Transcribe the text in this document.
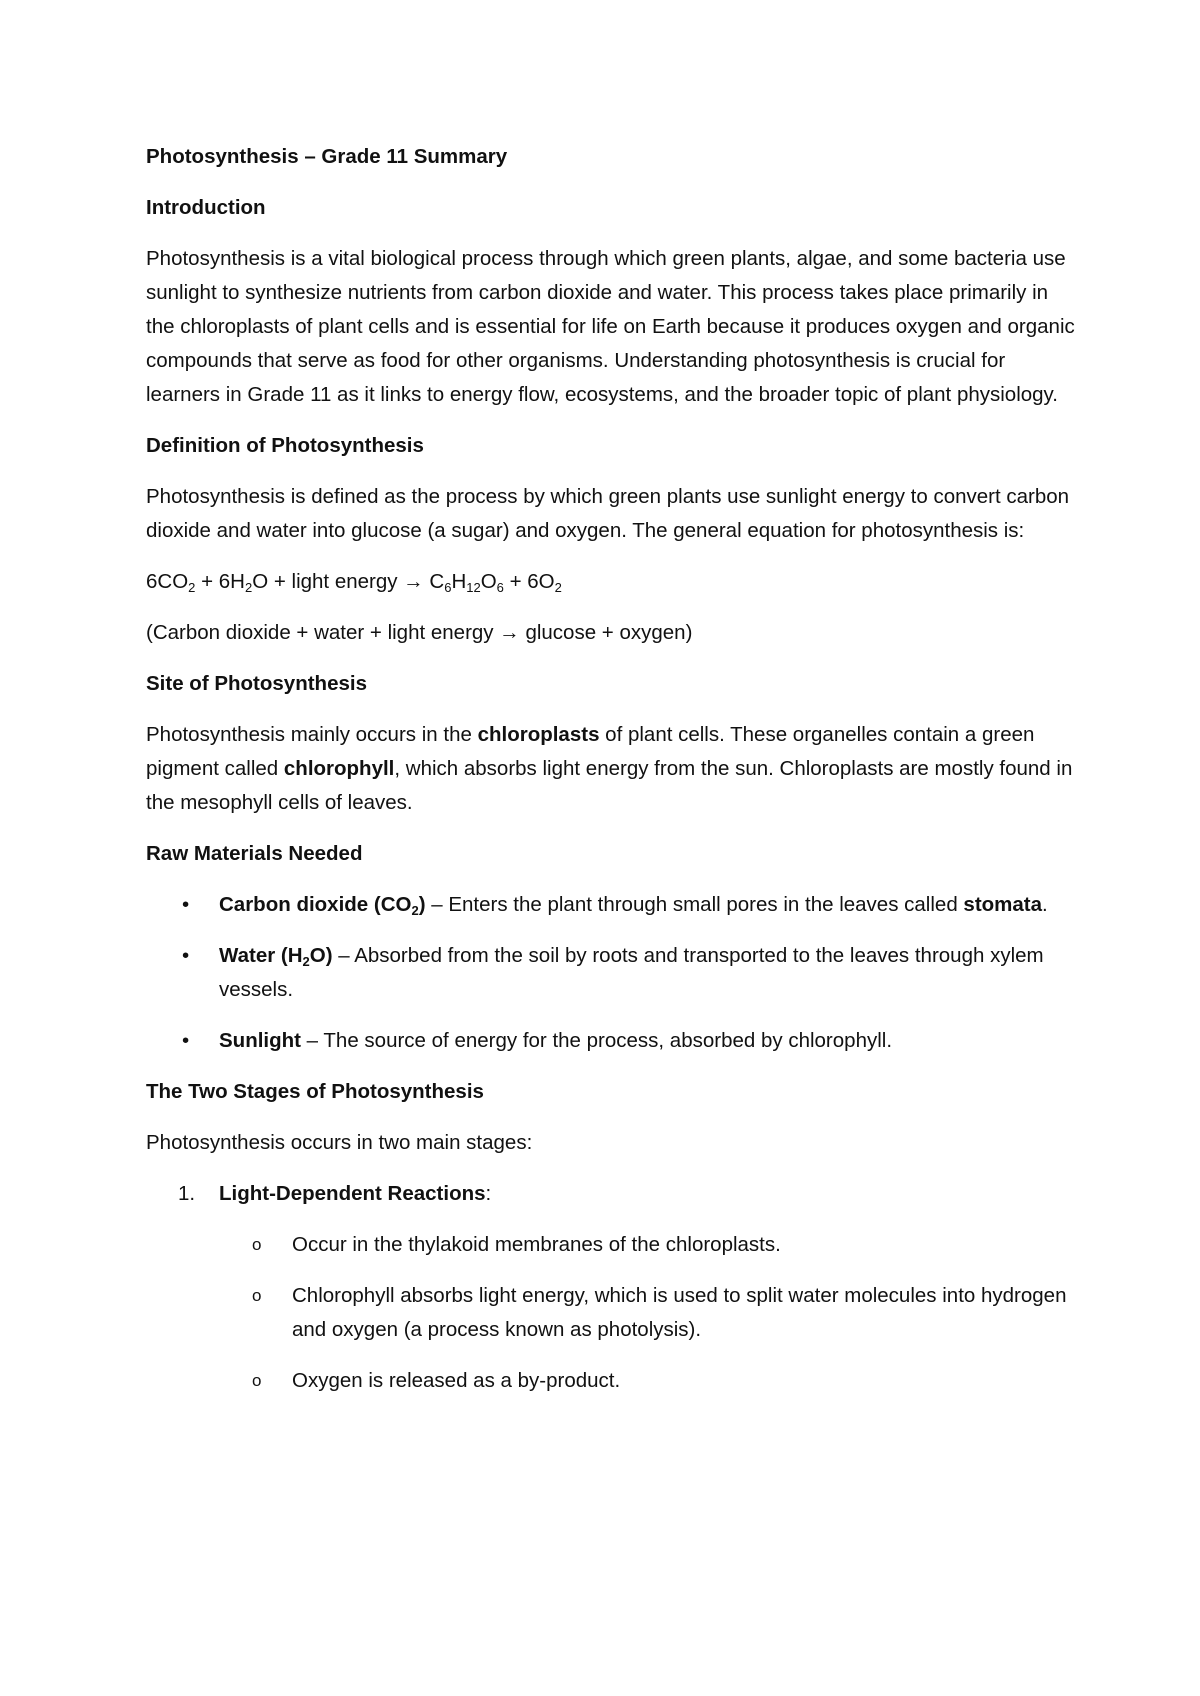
Photosynthesis – Grade 11 Summary
Introduction
Photosynthesis is a vital biological process through which green plants, algae, and some bacteria use sunlight to synthesize nutrients from carbon dioxide and water. This process takes place primarily in the chloroplasts of plant cells and is essential for life on Earth because it produces oxygen and organic compounds that serve as food for other organisms. Understanding photosynthesis is crucial for learners in Grade 11 as it links to energy flow, ecosystems, and the broader topic of plant physiology.
Definition of Photosynthesis
Photosynthesis is defined as the process by which green plants use sunlight energy to convert carbon dioxide and water into glucose (a sugar) and oxygen. The general equation for photosynthesis is:
$6CO_2 + 6H_2O$ + light energy → $C_6H_{12}O_6 + 6O_2$
(Carbon dioxide + water + light energy → glucose + oxygen)
Site of Photosynthesis
Photosynthesis mainly occurs in the chloroplasts of plant cells. These organelles contain a green pigment called chlorophyll, which absorbs light energy from the sun. Chloroplasts are mostly found in the mesophyll cells of leaves.
Raw Materials Needed
• Carbon dioxide $(CO_2)$ – Enters the plant through small pores in the leaves called stomata.
• Water $(H_2O)$ – Absorbed from the soil by roots and transported to the leaves through xylem vessels.
• Sunlight – The source of energy for the process, absorbed by chlorophyll.
The Two Stages of Photosynthesis
Photosynthesis occurs in two main stages:
1. Light-Dependent Reactions:
o Occur in the thylakoid membranes of the chloroplasts.
o Chlorophyll absorbs light energy, which is used to split water molecules into hydrogen and oxygen (a process known as photolysis).
o Oxygen is released as a by-product.
